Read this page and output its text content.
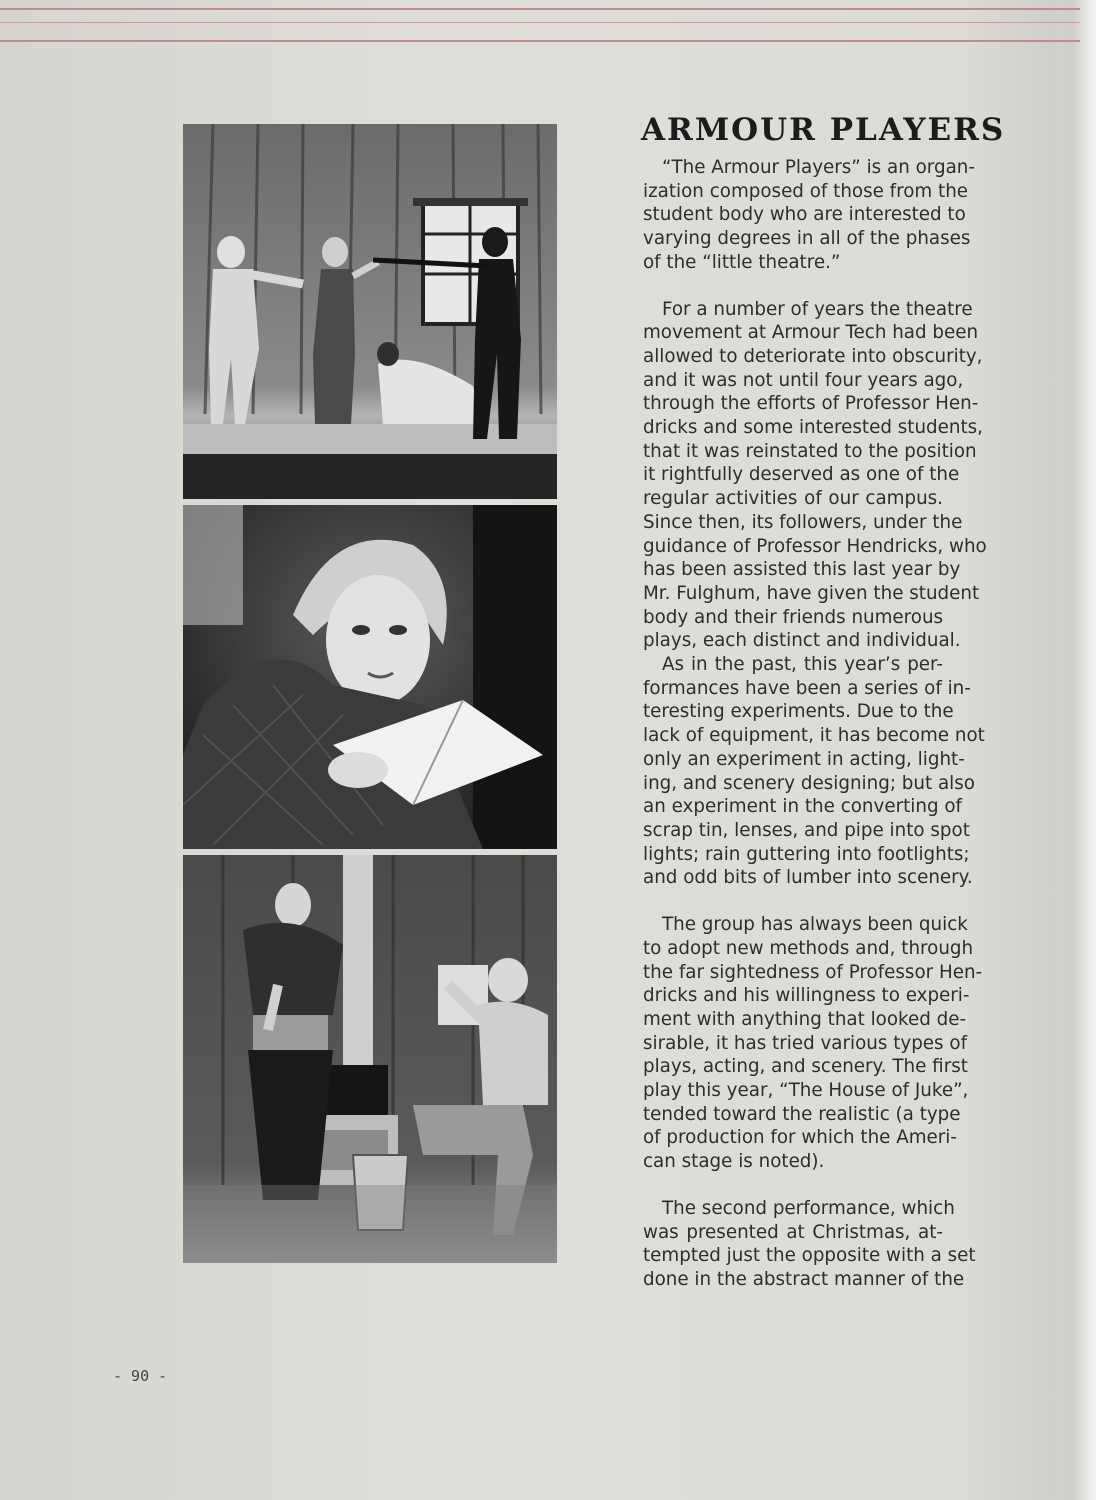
ARMOUR PLAYERS

“The Armour Players” is an organ-
ization composed of those from the
student body who are interested to
varying degrees in all of the phases
of the “little theatre.”

For a number of years the theatre
movement at Armour Tech had been
allowed to deteriorate into obscurity,
and it was not until four years ago,
through the efforts of Professor Hen-
dricks and some interested students,
that it was reinstated to the position
it rightfully deserved as one of the
regular activities of our campus.
Since then, its followers, under the
guidance of Professor Hendricks, who
has been assisted this last year by
Mr. Fulghum, have given the student
body and their friends numerous
plays, each distinct and individual.

As in the past, this year’s per-
formances have been a series of in-
teresting experiments. Due to the
lack of equipment, it has become not
only an experiment in acting, light-
ing, and scenery designing; but also
an experiment in the converting of
scrap tin, lenses, and pipe into spot
lights; rain guttering into footlights;
and odd bits of lumber into scenery.

The group has always been quick
to adopt new methods and, through
the far sightedness of Professor Hen-
dricks and his willingness to experi-
ment with anything that looked de-
sirable, it has tried various types of
plays, acting, and scenery. The first
play this year, “The House of Juke”,
tended toward the realistic (a type
of production for which the Ameri-
can stage is noted).

The second performance, which
was presented at Christmas, at-
tempted just the opposite with a set
done in the abstract manner of the

- 90 -
